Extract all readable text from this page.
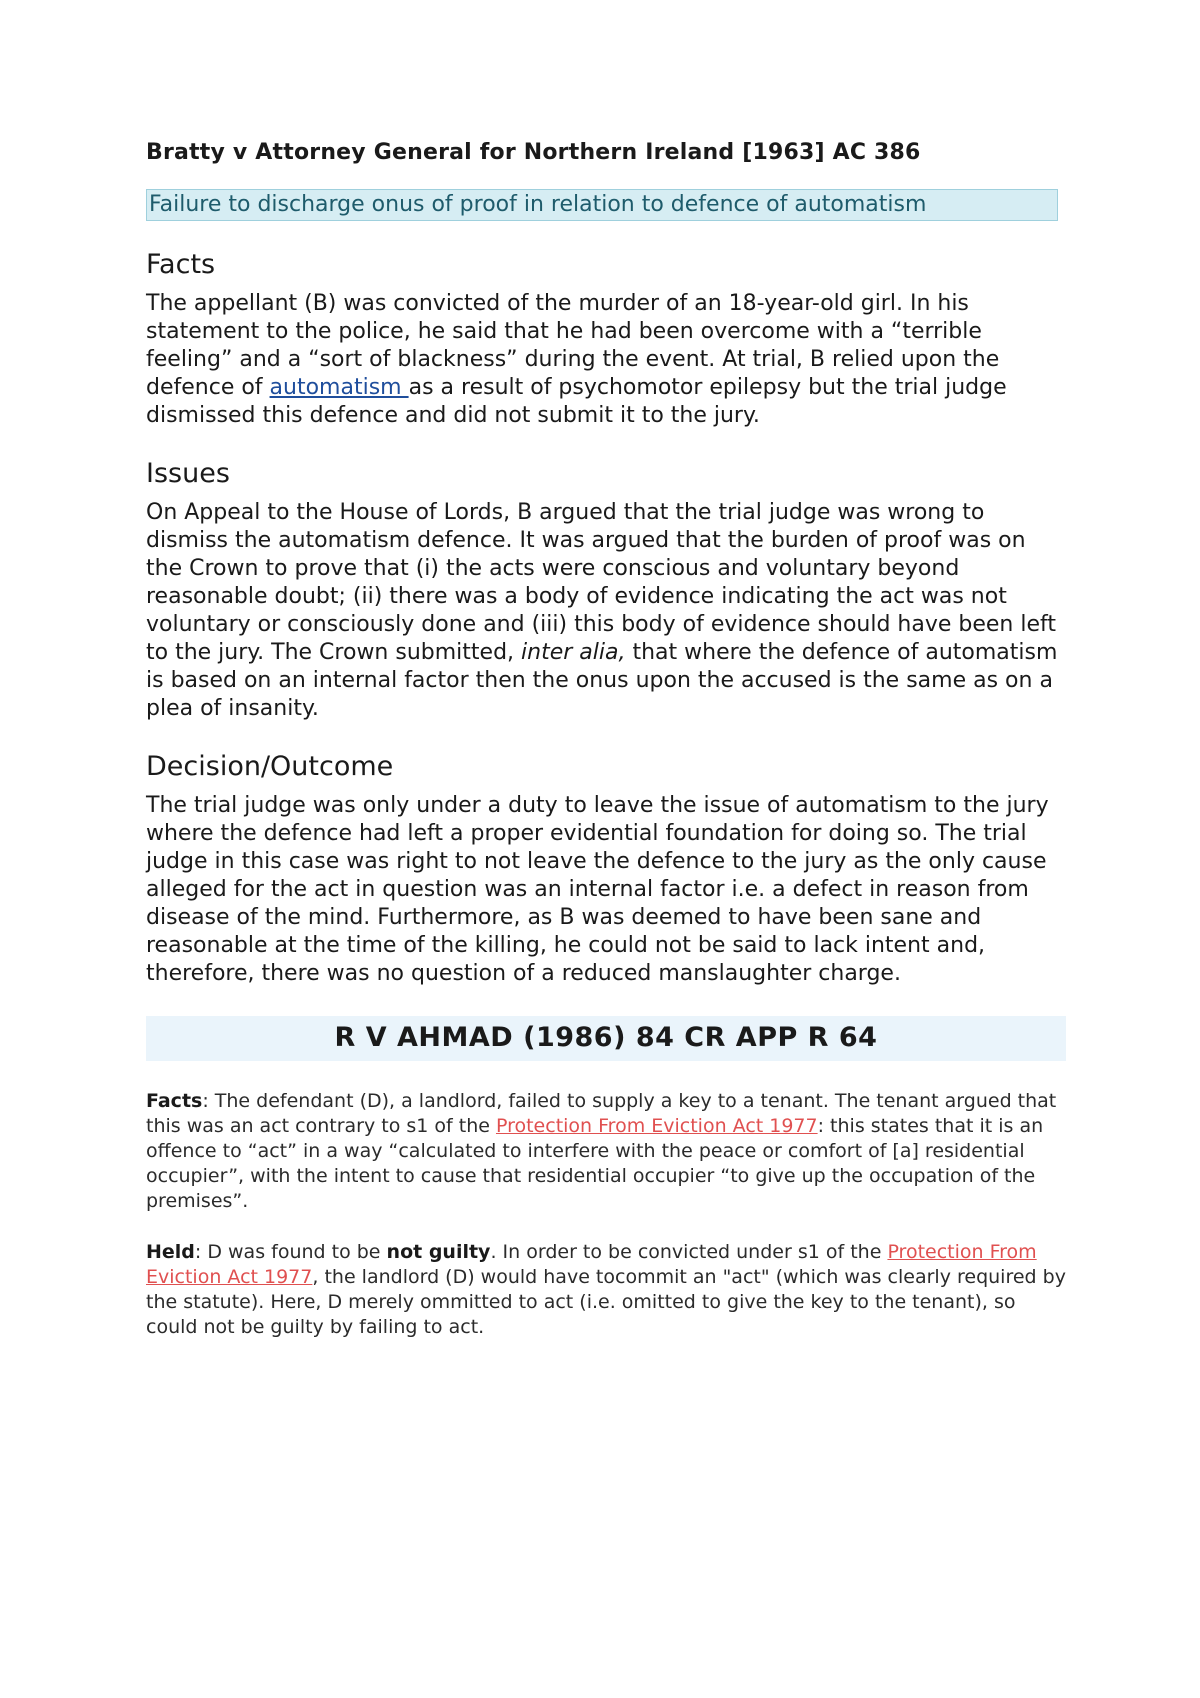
Bratty v Attorney General for Northern Ireland [1963] AC 386
Failure to discharge onus of proof in relation to defence of automatism
Facts

The appellant (B) was convicted of the murder of an 18-year-old girl. In his statement to the police, he said that he had been overcome with a “terrible feeling” and a “sort of blackness” during the event. At trial, B relied upon the defence of automatism as a result of psychomotor epilepsy but the trial judge dismissed this defence and did not submit it to the jury.

Issues

On Appeal to the House of Lords, B argued that the trial judge was wrong to dismiss the automatism defence. It was argued that the burden of proof was on the Crown to prove that (i) the acts were conscious and voluntary beyond reasonable doubt; (ii) there was a body of evidence indicating the act was not voluntary or consciously done and (iii) this body of evidence should have been left to the jury. The Crown submitted, inter alia, that where the defence of automatism is based on an internal factor then the onus upon the accused is the same as on a plea of insanity.

Decision/Outcome

The trial judge was only under a duty to leave the issue of automatism to the jury where the defence had left a proper evidential foundation for doing so. The trial judge in this case was right to not leave the defence to the jury as the only cause alleged for the act in question was an internal factor i.e. a defect in reason from disease of the mind. Furthermore, as B was deemed to have been sane and reasonable at the time of the killing, he could not be said to lack intent and, therefore, there was no question of a reduced manslaughter charge.

R V AHMAD (1986) 84 CR APP R 64

Facts: The defendant (D), a landlord, failed to supply a key to a tenant. The tenant argued that this was an act contrary to s1 of the Protection From Eviction Act 1977: this states that it is an offence to “act” in a way “calculated to interfere with the peace or comfort of [a] residential occupier”, with the intent to cause that residential occupier “to give up the occupation of the premises”.

Held: D was found to be not guilty. In order to be convicted under s1 of the Protection From Eviction Act 1977, the landlord (D) would have tocommit an "act" (which was clearly required by the statute). Here, D merely ommitted to act (i.e. omitted to give the key to the tenant), so could not be guilty by failing to act.
